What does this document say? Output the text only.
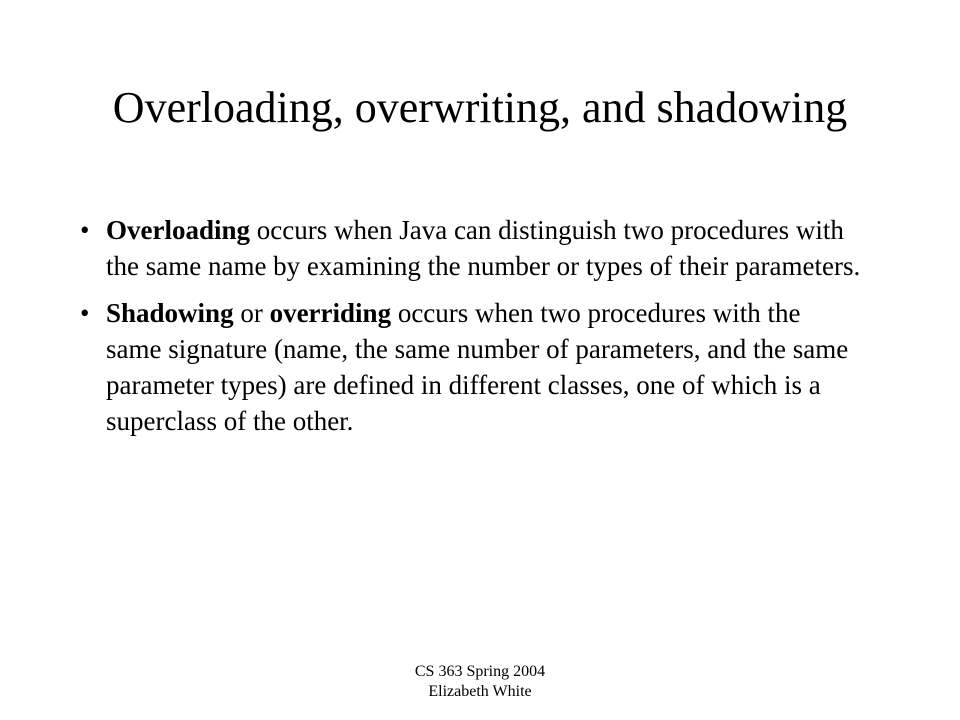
Overloading, overwriting, and shadowing
• Overloading occurs when Java can distinguish two procedures with the same name by examining the number or types of their parameters.
• Shadowing or overriding occurs when two procedures with the same signature (name, the same number of parameters, and the same parameter types) are defined in different classes, one of which is a superclass of the other.
CS 363 Spring 2004
Elizabeth White
